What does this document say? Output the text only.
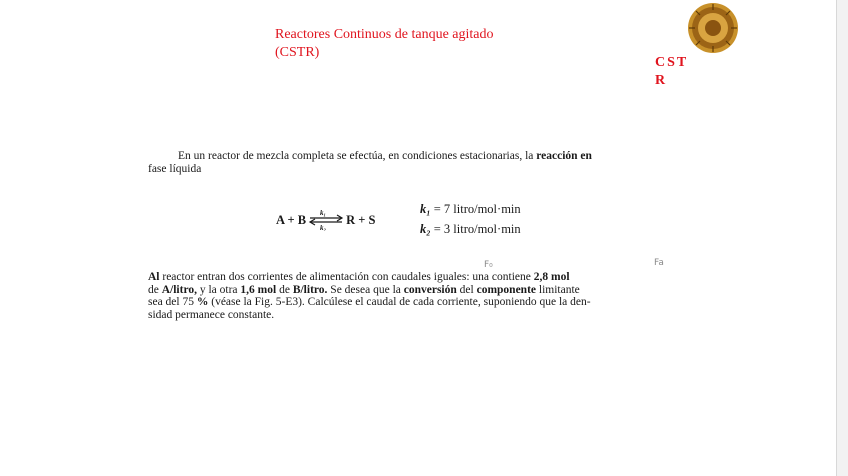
Reactores Continuos de tanque agitado
(CSTR)
CST
R
En un reactor de mezcla completa se efectúa, en condiciones estacionarias, la reacción en
fase líquida
A + B k₁
k₂
R + S
k₁ = 7 litro/mol·min
k₂ = 3 litro/mol·min
F₀	Fa
Al reactor entran dos corrientes de alimentación con caudales iguales: una contiene 2,8 mol
de A/litro, y la otra 1,6 mol de B/litro. Se desea que la conversión del componente limitante
sea del 75 % (véase la Fig. 5-E3). Calcúlese el caudal de cada corriente, suponiendo que la den-
sidad permanece constante.
